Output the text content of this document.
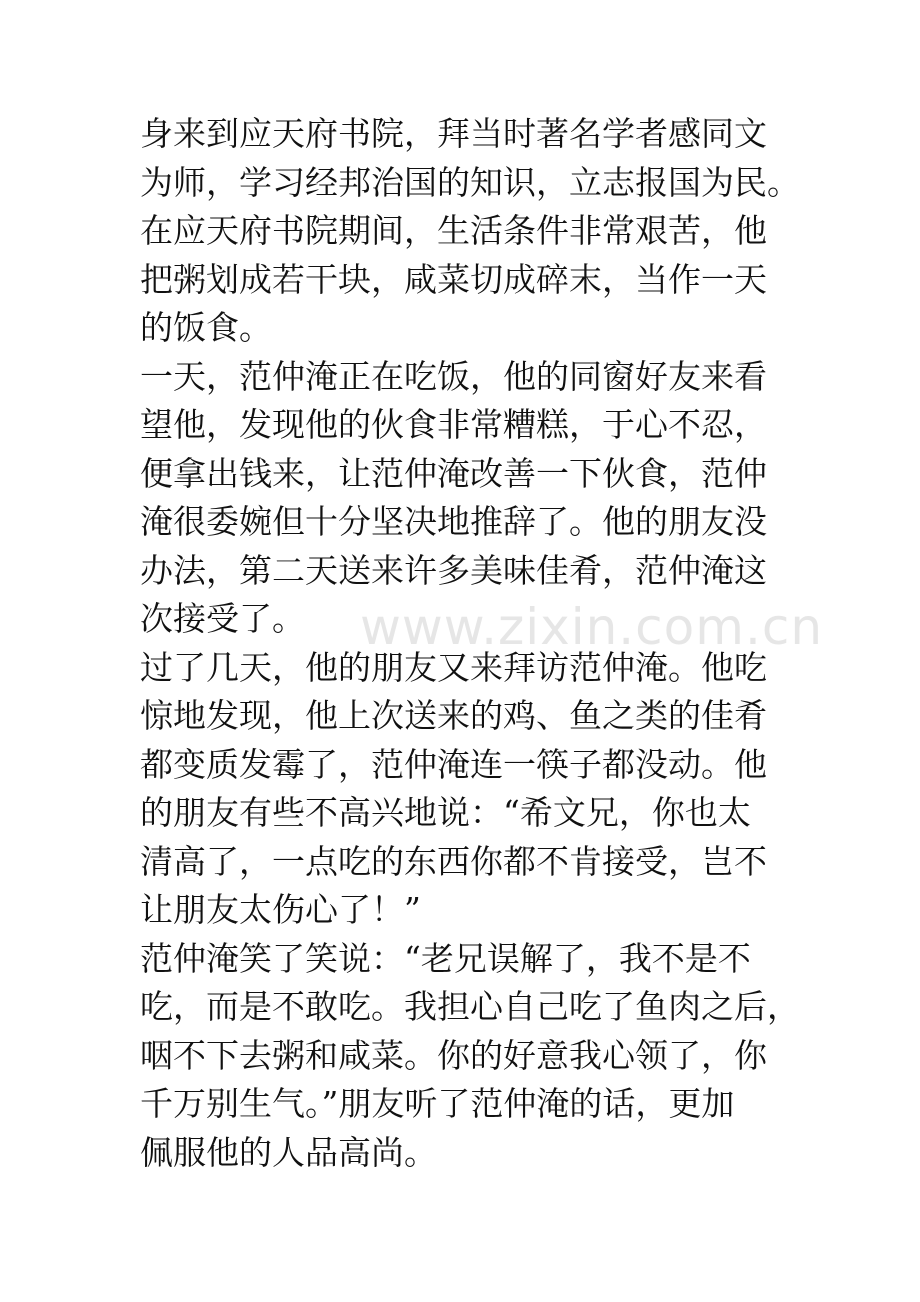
身来到应天府书院，拜当时著名学者感同文
为师，学习经邦治国的知识，立志报国为民。
在应天府书院期间，生活条件非常艰苦，他
把粥划成若干块，咸菜切成碎末，当作一天
的饭食。
一天，范仲淹正在吃饭，他的同窗好友来看
望他，发现他的伙食非常糟糕，于心不忍，
便拿出钱来，让范仲淹改善一下伙食，范仲
淹很委婉但十分坚决地推辞了。他的朋友没
办法，第二天送来许多美味佳肴，范仲淹这
次接受了。
过了几天，他的朋友又来拜访范仲淹。他吃
惊地发现，他上次送来的鸡、鱼之类的佳肴
都变质发霉了，范仲淹连一筷子都没动。他
的朋友有些不高兴地说：“希文兄，你也太
清高了，一点吃的东西你都不肯接受，岂不
让朋友太伤心了！”
范仲淹笑了笑说：“老兄误解了，我不是不
吃，而是不敢吃。我担心自己吃了鱼肉之后，
咽不下去粥和咸菜。你的好意我心领了，你
千万别生气。”朋友听了范仲淹的话，更加
佩服他的人品高尚。
www.zixin.com.cn
